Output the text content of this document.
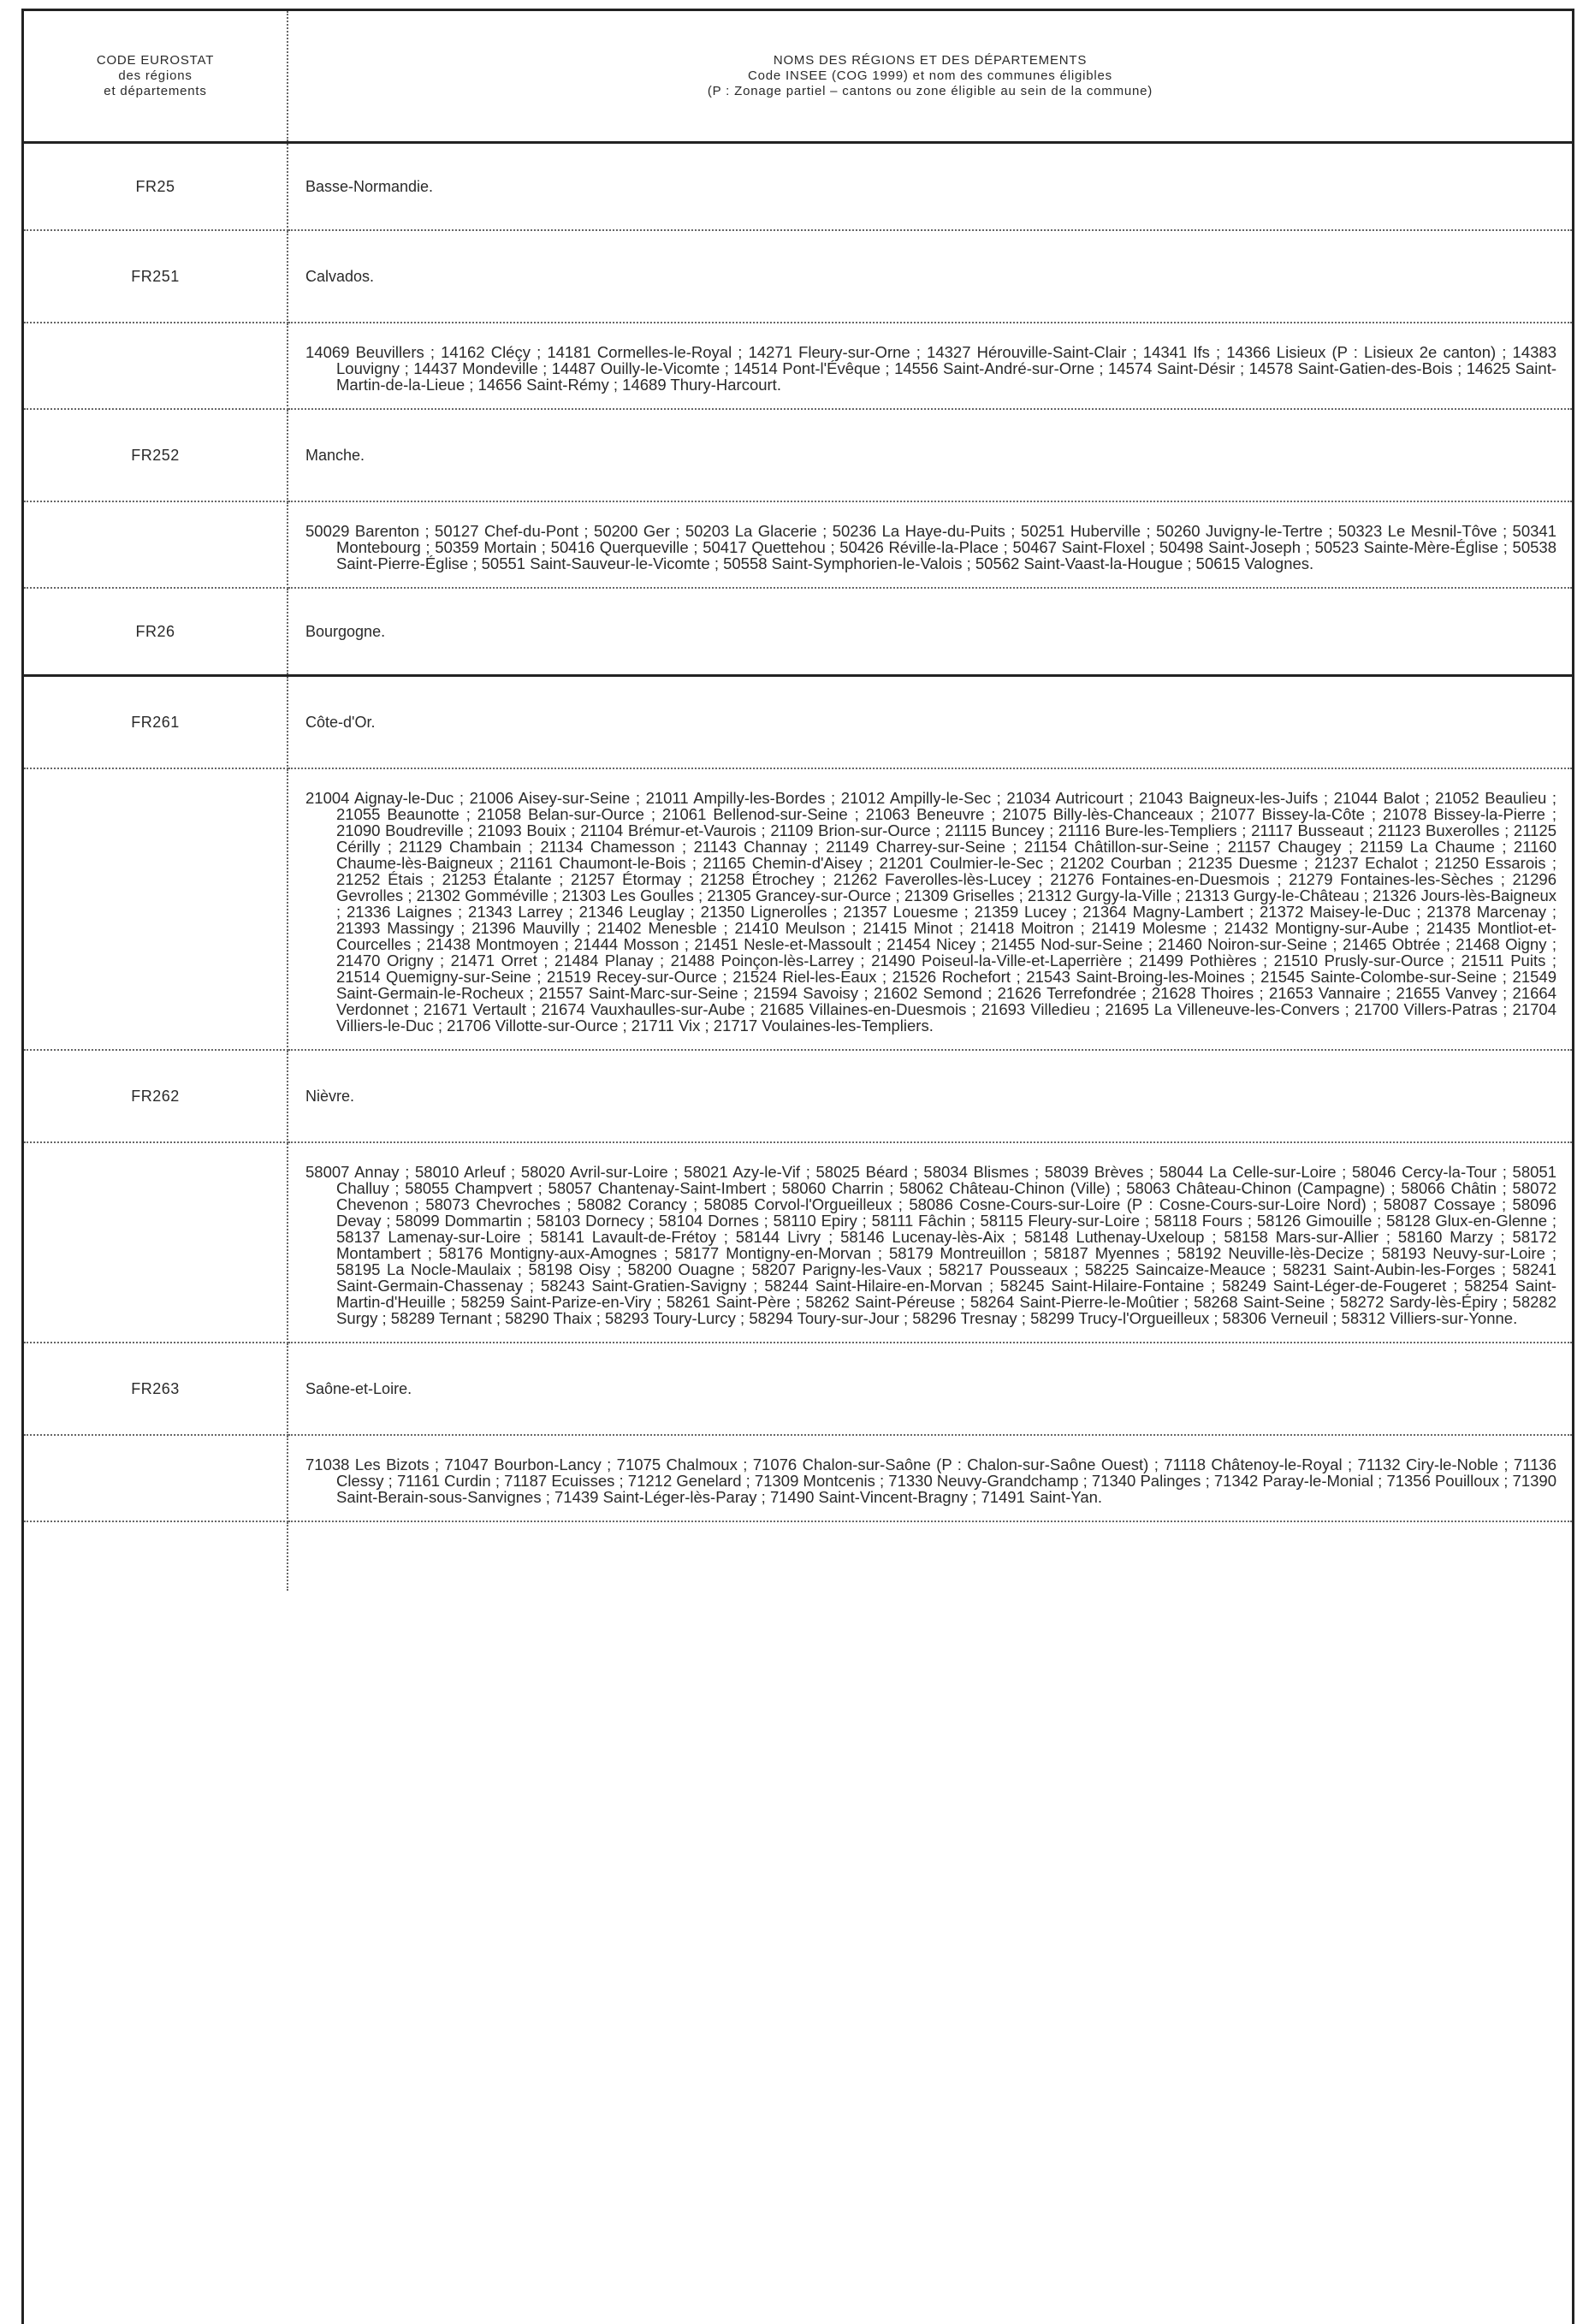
CODE EUROSTAT
des régions
et départements	NOMS DES RÉGIONS ET DES DÉPARTEMENTS
Code INSEE (COG 1999) et nom des communes éligibles
(P : Zonage partiel – cantons ou zone éligible au sein de la commune)

FR25	Basse-Normandie.
FR251	Calvados.

	14069 Beuvillers ; 14162 Cléçy ; 14181 Cormelles-le-Royal ; 14271 Fleury-sur-Orne ; 14327 Hérouville-Saint-Clair ; 14341 Ifs ; 14366 Lisieux (P : Lisieux 2e canton) ; 14383 Louvigny ; 14437 Mondeville ; 14487 Ouilly-le-Vicomte ; 14514 Pont-l'Évêque ; 14556 Saint-André-sur-Orne ; 14574 Saint-Désir ; 14578 Saint-Gatien-des-Bois ; 14625 Saint-Martin-de-la-Lieue ; 14656 Saint-Rémy ; 14689 Thury-Harcourt.

FR252	Manche.

	50029 Barenton ; 50127 Chef-du-Pont ; 50200 Ger ; 50203 La Glacerie ; 50236 La Haye-du-Puits ; 50251 Huberville ; 50260 Juvigny-le-Tertre ; 50323 Le Mesnil-Tôve ; 50341 Montebourg ; 50359 Mortain ; 50416 Querqueville ; 50417 Quettehou ; 50426 Réville-la-Place ; 50467 Saint-Floxel ; 50498 Saint-Joseph ; 50523 Sainte-Mère-Église ; 50538 Saint-Pierre-Église ; 50551 Saint-Sauveur-le-Vicomte ; 50558 Saint-Symphorien-le-Valois ; 50562 Saint-Vaast-la-Hougue ; 50615 Valognes.

FR26	Bourgogne.
FR261	Côte-d'Or.

	21004 Aignay-le-Duc ; 21006 Aisey-sur-Seine ; 21011 Ampilly-les-Bordes ; 21012 Ampilly-le-Sec ; 21034 Autricourt ; 21043 Baigneux-les-Juifs ; 21044 Balot ; 21052 Beaulieu ; 21055 Beaunotte ; 21058 Belan-sur-Ource ; 21061 Bellenod-sur-Seine ; 21063 Beneuvre ; 21075 Billy-lès-Chanceaux ; 21077 Bissey-la-Côte ; 21078 Bissey-la-Pierre ; 21090 Boudreville ; 21093 Bouix ; 21104 Brémur-et-Vaurois ; 21109 Brion-sur-Ource ; 21115 Buncey ; 21116 Bure-les-Templiers ; 21117 Busseaut ; 21123 Buxerolles ; 21125 Cérilly ; 21129 Chambain ; 21134 Chamesson ; 21143 Channay ; 21149 Charrey-sur-Seine ; 21154 Châtillon-sur-Seine ; 21157 Chaugey ; 21159 La Chaume ; 21160 Chaume-lès-Baigneux ; 21161 Chaumont-le-Bois ; 21165 Chemin-d'Aisey ; 21201 Coulmier-le-Sec ; 21202 Courban ; 21235 Duesme ; 21237 Echalot ; 21250 Essarois ; 21252 Étais ; 21253 Étalante ; 21257 Étormay ; 21258 Étrochey ; 21262 Faverolles-lès-Lucey ; 21276 Fontaines-en-Duesmois ; 21279 Fontaines-les-Sèches ; 21296 Gevrolles ; 21302 Gomméville ; 21303 Les Goulles ; 21305 Grancey-sur-Ource ; 21309 Griselles ; 21312 Gurgy-la-Ville ; 21313 Gurgy-le-Château ; 21326 Jours-lès-Baigneux ; 21336 Laignes ; 21343 Larrey ; 21346 Leuglay ; 21350 Lignerolles ; 21357 Louesme ; 21359 Lucey ; 21364 Magny-Lambert ; 21372 Maisey-le-Duc ; 21378 Marcenay ; 21393 Massingy ; 21396 Mauvilly ; 21402 Menesble ; 21410 Meulson ; 21415 Minot ; 21418 Moitron ; 21419 Molesme ; 21432 Montigny-sur-Aube ; 21435 Montliot-et-Courcelles ; 21438 Montmoyen ; 21444 Mosson ; 21451 Nesle-et-Massoult ; 21454 Nicey ; 21455 Nod-sur-Seine ; 21460 Noiron-sur-Seine ; 21465 Obtrée ; 21468 Oigny ; 21470 Origny ; 21471 Orret ; 21484 Planay ; 21488 Poinçon-lès-Larrey ; 21490 Poiseul-la-Ville-et-Laperrière ; 21499 Pothières ; 21510 Prusly-sur-Ource ; 21511 Puits ; 21514 Quemigny-sur-Seine ; 21519 Recey-sur-Ource ; 21524 Riel-les-Eaux ; 21526 Rochefort ; 21543 Saint-Broing-les-Moines ; 21545 Sainte-Colombe-sur-Seine ; 21549 Saint-Germain-le-Rocheux ; 21557 Saint-Marc-sur-Seine ; 21594 Savoisy ; 21602 Semond ; 21626 Terrefondrée ; 21628 Thoires ; 21653 Vannaire ; 21655 Vanvey ; 21664 Verdonnet ; 21671 Vertault ; 21674 Vauxhaulles-sur-Aube ; 21685 Villaines-en-Duesmois ; 21693 Villedieu ; 21695 La Villeneuve-les-Convers ; 21700 Villers-Patras ; 21704 Villiers-le-Duc ; 21706 Villotte-sur-Ource ; 21711 Vix ; 21717 Voulaines-les-Templiers.

FR262	Nièvre.

	58007 Annay ; 58010 Arleuf ; 58020 Avril-sur-Loire ; 58021 Azy-le-Vif ; 58025 Béard ; 58034 Blismes ; 58039 Brèves ; 58044 La Celle-sur-Loire ; 58046 Cercy-la-Tour ; 58051 Challuy ; 58055 Champvert ; 58057 Chantenay-Saint-Imbert ; 58060 Charrin ; 58062 Château-Chinon (Ville) ; 58063 Château-Chinon (Campagne) ; 58066 Châtin ; 58072 Chevenon ; 58073 Chevroches ; 58082 Corancy ; 58085 Corvol-l'Orgueilleux ; 58086 Cosne-Cours-sur-Loire (P : Cosne-Cours-sur-Loire Nord) ; 58087 Cossaye ; 58096 Devay ; 58099 Dommartin ; 58103 Dornecy ; 58104 Dornes ; 58110 Epiry ; 58111 Fâchin ; 58115 Fleury-sur-Loire ; 58118 Fours ; 58126 Gimouille ; 58128 Glux-en-Glenne ; 58137 Lamenay-sur-Loire ; 58141 Lavault-de-Frétoy ; 58144 Livry ; 58146 Lucenay-lès-Aix ; 58148 Luthenay-Uxeloup ; 58158 Mars-sur-Allier ; 58160 Marzy ; 58172 Montambert ; 58176 Montigny-aux-Amognes ; 58177 Montigny-en-Morvan ; 58179 Montreuillon ; 58187 Myennes ; 58192 Neuville-lès-Decize ; 58193 Neuvy-sur-Loire ; 58195 La Nocle-Maulaix ; 58198 Oisy ; 58200 Ouagne ; 58207 Parigny-les-Vaux ; 58217 Pousseaux ; 58225 Saincaize-Meauce ; 58231 Saint-Aubin-les-Forges ; 58241 Saint-Germain-Chassenay ; 58243 Saint-Gratien-Savigny ; 58244 Saint-Hilaire-en-Morvan ; 58245 Saint-Hilaire-Fontaine ; 58249 Saint-Léger-de-Fougeret ; 58254 Saint-Martin-d'Heuille ; 58259 Saint-Parize-en-Viry ; 58261 Saint-Père ; 58262 Saint-Péreuse ; 58264 Saint-Pierre-le-Moûtier ; 58268 Saint-Seine ; 58272 Sardy-lès-Épiry ; 58282 Surgy ; 58289 Ternant ; 58290 Thaix ; 58293 Toury-Lurcy ; 58294 Toury-sur-Jour ; 58296 Tresnay ; 58299 Trucy-l'Orgueilleux ; 58306 Verneuil ; 58312 Villiers-sur-Yonne.

FR263	Saône-et-Loire.

	71038 Les Bizots ; 71047 Bourbon-Lancy ; 71075 Chalmoux ; 71076 Chalon-sur-Saône (P : Chalon-sur-Saône Ouest) ; 71118 Châtenoy-le-Royal ; 71132 Ciry-le-Noble ; 71136 Clessy ; 71161 Curdin ; 71187 Ecuisses ; 71212 Genelard ; 71309 Montcenis ; 71330 Neuvy-Grandchamp ; 71340 Palinges ; 71342 Paray-le-Monial ; 71356 Pouilloux ; 71390 Saint-Berain-sous-Sanvignes ; 71439 Saint-Léger-lès-Paray ; 71490 Saint-Vincent-Bragny ; 71491 Saint-Yan.
